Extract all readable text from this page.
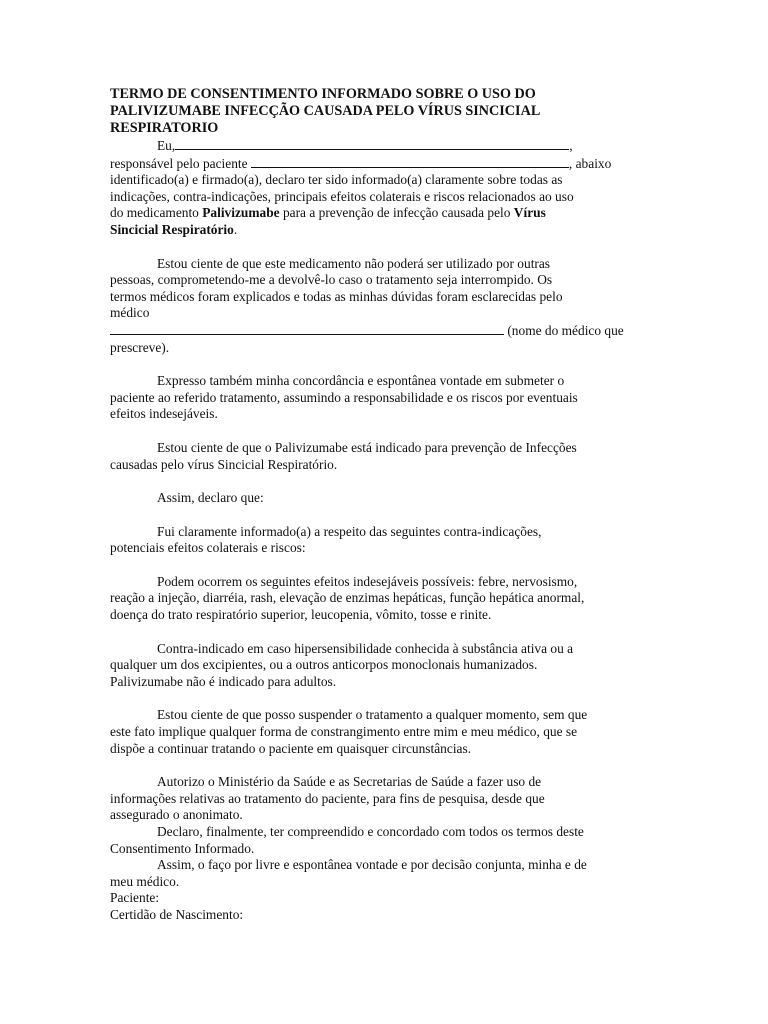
TERMO DE CONSENTIMENTO INFORMADO SOBRE O USO DO
PALIVIZUMABE INFECÇÃO CAUSADA PELO VÍRUS SINCICIAL
RESPIRATORIO
Eu,	,
responsável pelo paciente	, abaixo
identificado(a) e firmado(a), declaro ter sido informado(a) claramente sobre todas as
indicações, contra-indicações, principais efeitos colaterais e riscos relacionados ao uso
do medicamento Palivizumabe para a prevenção de infecção causada pelo Vírus
Sincicial Respiratório.
Estou ciente de que este medicamento não poderá ser utilizado por outras
pessoas, comprometendo-me a devolvê-lo caso o tratamento seja interrompido. Os
termos médicos foram explicados e todas as minhas dúvidas foram esclarecidas pelo
médico
(nome do médico que
prescreve).
Expresso também minha concordância e espontânea vontade em submeter o
paciente ao referido tratamento, assumindo a responsabilidade e os riscos por eventuais
efeitos indesejáveis.
Estou ciente de que o Palivizumabe está indicado para prevenção de Infecções
causadas pelo vírus Sincicial Respiratório.
Assim, declaro que:
Fui claramente informado(a) a respeito das seguintes contra-indicações,
potenciais efeitos colaterais e riscos:
Podem ocorrem os seguintes efeitos indesejáveis possíveis: febre, nervosismo,
reação a injeção, diarréia, rash, elevação de enzimas hepáticas, função hepática anormal,
doença do trato respiratório superior, leucopenia, vômito, tosse e rinite.
Contra-indicado em caso hipersensibilidade conhecida à substância ativa ou a
qualquer um dos excipientes, ou a outros anticorpos monoclonais humanizados.
Palivizumabe não é indicado para adultos.
Estou ciente de que posso suspender o tratamento a qualquer momento, sem que
este fato implique qualquer forma de constrangimento entre mim e meu médico, que se
dispõe a continuar tratando o paciente em quaisquer circunstâncias.
Autorizo o Ministério da Saúde e as Secretarias de Saúde a fazer uso de
informações relativas ao tratamento do paciente, para fins de pesquisa, desde que
assegurado o anonimato.
Declaro, finalmente, ter compreendido e concordado com todos os termos deste
Consentimento Informado.
Assim, o faço por livre e espontânea vontade e por decisão conjunta, minha e de
meu médico.
Paciente:
Certidão de Nascimento:
